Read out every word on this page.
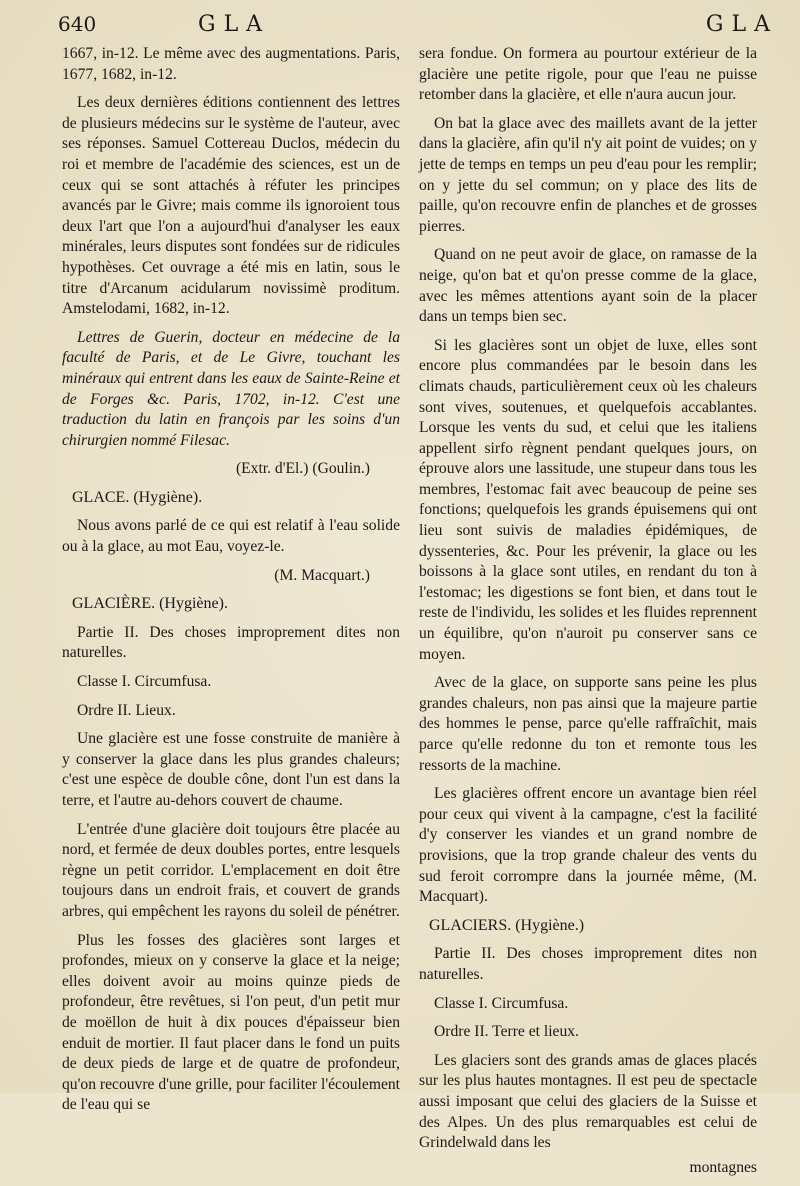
640	GLA	GLA

1667, in-12. Le même avec des augmentations. Paris, 1677, 1682, in-12.

Les deux dernières éditions contiennent des lettres de plusieurs médecins sur le système de l'auteur, avec ses réponses. Samuel Cottereau Duclos, médecin du roi et membre de l'académie des sciences, est un de ceux qui se sont attachés à réfuter les principes avancés par le Givre; mais comme ils ignoroient tous deux l'art que l'on a aujourd'hui d'analyser les eaux minérales, leurs disputes sont fondées sur de ridicules hypothèses. Cet ouvrage a été mis en latin, sous le titre d'Arcanum acidularum novissimè proditum. Amstelodami, 1682, in-12.

Lettres de Guerin, docteur en médecine de la faculté de Paris, et de Le Givre, touchant les minéraux qui entrent dans les eaux de Sainte-Reine et de Forges &c. Paris, 1702, in-12. C'est une traduction du latin en françois par les soins d'un chirurgien nommé Filesac.

(Extr. d'El.) (Goulin.)

GLACE. (Hygiène).

Nous avons parlé de ce qui est relatif à l'eau solide ou à la glace, au mot Eau, voyez-le.

(M. Macquart.)

GLACIÈRE. (Hygiène).

Partie II. Des choses improprement dites non naturelles.

Classe I. Circumfusa.

Ordre II. Lieux.

Une glacière est une fosse construite de manière à y conserver la glace dans les plus grandes chaleurs; c'est une espèce de double cône, dont l'un est dans la terre, et l'autre au-dehors couvert de chaume.

L'entrée d'une glacière doit toujours être placée au nord, et fermée de deux doubles portes, entre lesquels règne un petit corridor. L'emplacement en doit être toujours dans un endroit frais, et couvert de grands arbres, qui empêchent les rayons du soleil de pénétrer.

Plus les fosses des glacières sont larges et profondes, mieux on y conserve la glace et la neige; elles doivent avoir au moins quinze pieds de profondeur, être revêtues, si l'on peut, d'un petit mur de moëllon de huit à dix pouces d'épaisseur bien enduit de mortier. Il faut placer dans le fond un puits de deux pieds de large et de quatre de profondeur, qu'on recouvre d'une grille, pour faciliter l'écoulement de l'eau qui se

sera fondue. On formera au pourtour extérieur de la glacière une petite rigole, pour que l'eau ne puisse retomber dans la glacière, et elle n'aura aucun jour.

On bat la glace avec des maillets avant de la jetter dans la glacière, afin qu'il n'y ait point de vuides; on y jette de temps en temps un peu d'eau pour les remplir; on y jette du sel commun; on y place des lits de paille, qu'on recouvre enfin de planches et de grosses pierres.

Quand on ne peut avoir de glace, on ramasse de la neige, qu'on bat et qu'on presse comme de la glace, avec les mêmes attentions ayant soin de la placer dans un temps bien sec.

Si les glacières sont un objet de luxe, elles sont encore plus commandées par le besoin dans les climats chauds, particulièrement ceux où les chaleurs sont vives, soutenues, et quelquefois accablantes. Lorsque les vents du sud, et celui que les italiens appellent sirfo règnent pendant quelques jours, on éprouve alors une lassitude, une stupeur dans tous les membres, l'estomac fait avec beaucoup de peine ses fonctions; quelquefois les grands épuisemens qui ont lieu sont suivis de maladies épidémiques, de dyssenteries, &c. Pour les prévenir, la glace ou les boissons à la glace sont utiles, en rendant du ton à l'estomac; les digestions se font bien, et dans tout le reste de l'individu, les solides et les fluides reprennent un équilibre, qu'on n'auroit pu conserver sans ce moyen.

Avec de la glace, on supporte sans peine les plus grandes chaleurs, non pas ainsi que la majeure partie des hommes le pense, parce qu'elle raffraîchit, mais parce qu'elle redonne du ton et remonte tous les ressorts de la machine.

Les glacières offrent encore un avantage bien réel pour ceux qui vivent à la campagne, c'est la facilité d'y conserver les viandes et un grand nombre de provisions, que la trop grande chaleur des vents du sud feroit corrompre dans la journée même, (M. Macquart).

GLACIERS. (Hygiène.)

Partie II. Des choses improprement dites non naturelles.

Classe I. Circumfusa.

Ordre II. Terre et lieux.

Les glaciers sont des grands amas de glaces placés sur les plus hautes montagnes. Il est peu de spectacle aussi imposant que celui des glaciers de la Suisse et des Alpes. Un des plus remarquables est celui de Grindelwald dans les

montagnes
